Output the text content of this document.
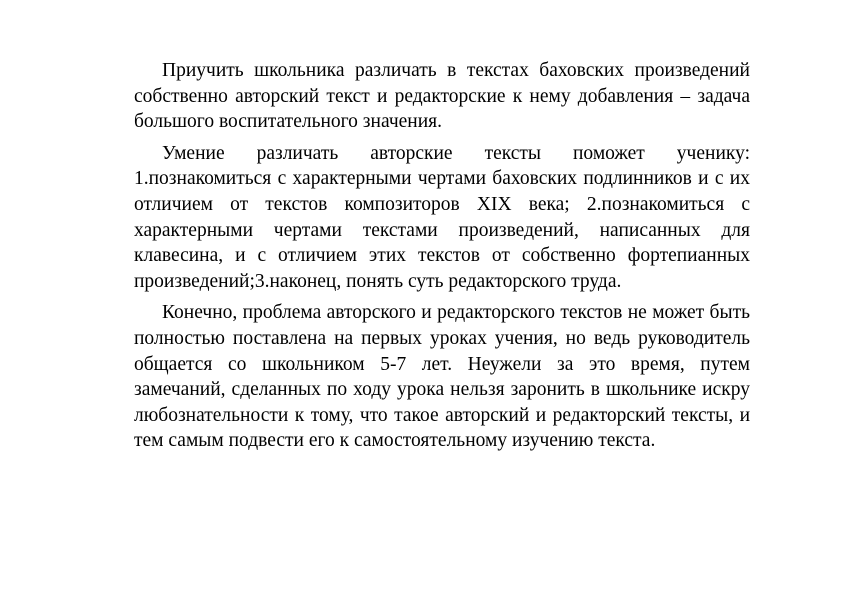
Приучить школьника различать в текстах баховских произведений собственно авторский текст и редакторские к нему добавления – задача большого воспитательного значения.

Умение различать авторские тексты поможет ученику: 1.познакомиться с характерными чертами баховских подлинников и с их отличием от текстов композиторов XIX века; 2.познакомиться с характерными чертами текстами произведений, написанных для клавесина, и с отличием этих текстов от собственно фортепианных произведений;3.наконец, понять суть редакторского труда.

Конечно, проблема авторского и редакторского текстов не может быть полностью поставлена на первых уроках учения, но ведь руководитель общается со школьником 5-7 лет. Неужели за это время, путем замечаний, сделанных по ходу урока нельзя заронить в школьнике искру любознательности к тому, что такое авторский и редакторский тексты, и тем самым подвести его к самостоятельному изучению текста.
